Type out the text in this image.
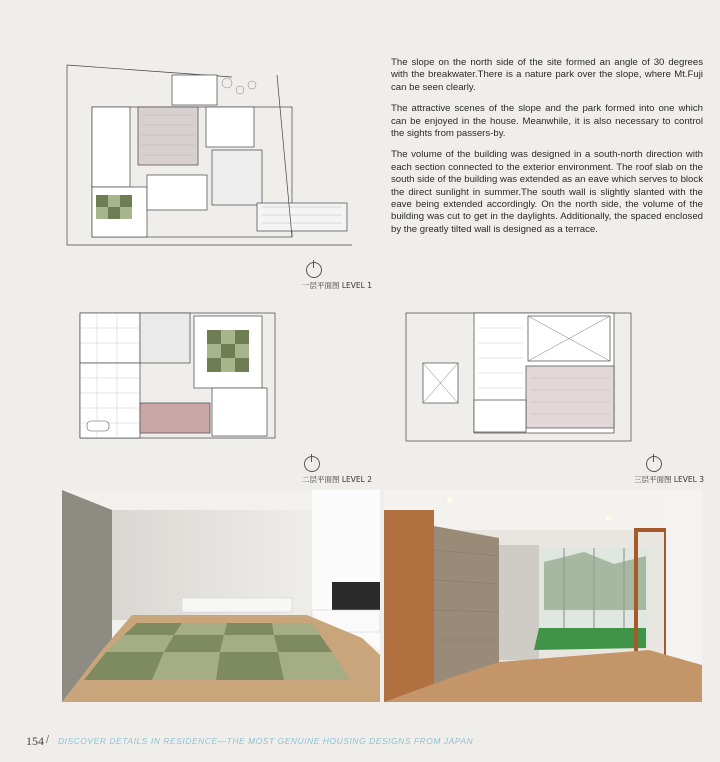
一层平面图 LEVEL 1

The slope on the north side of the site formed an angle of 30 degrees with the breakwater.There is a nature park over the slope, where Mt.Fuji can be seen clearly.

The attractive scenes of the slope and the park formed into one which can be enjoyed in the house. Meanwhile, it is also necessary to control the sights from passers-by.

The volume of the building was designed in a south-north direction with each section connected to the exterior environment. The roof slab on the south side of the building was extended as an eave which serves to block the direct sunlight in summer.The south wall is slightly slanted with the eave being extended accordingly. On the north side, the volume of the building was cut to get in the daylights. Additionally, the spaced enclosed by the greatly tilted wall is designed as a terrace.

二层平面图 LEVEL 2	三层平面图 LEVEL 3
154 / DISCOVER DETAILS IN RESIDENCE—THE MOST GENUINE HOUSING DESIGNS FROM JAPAN
